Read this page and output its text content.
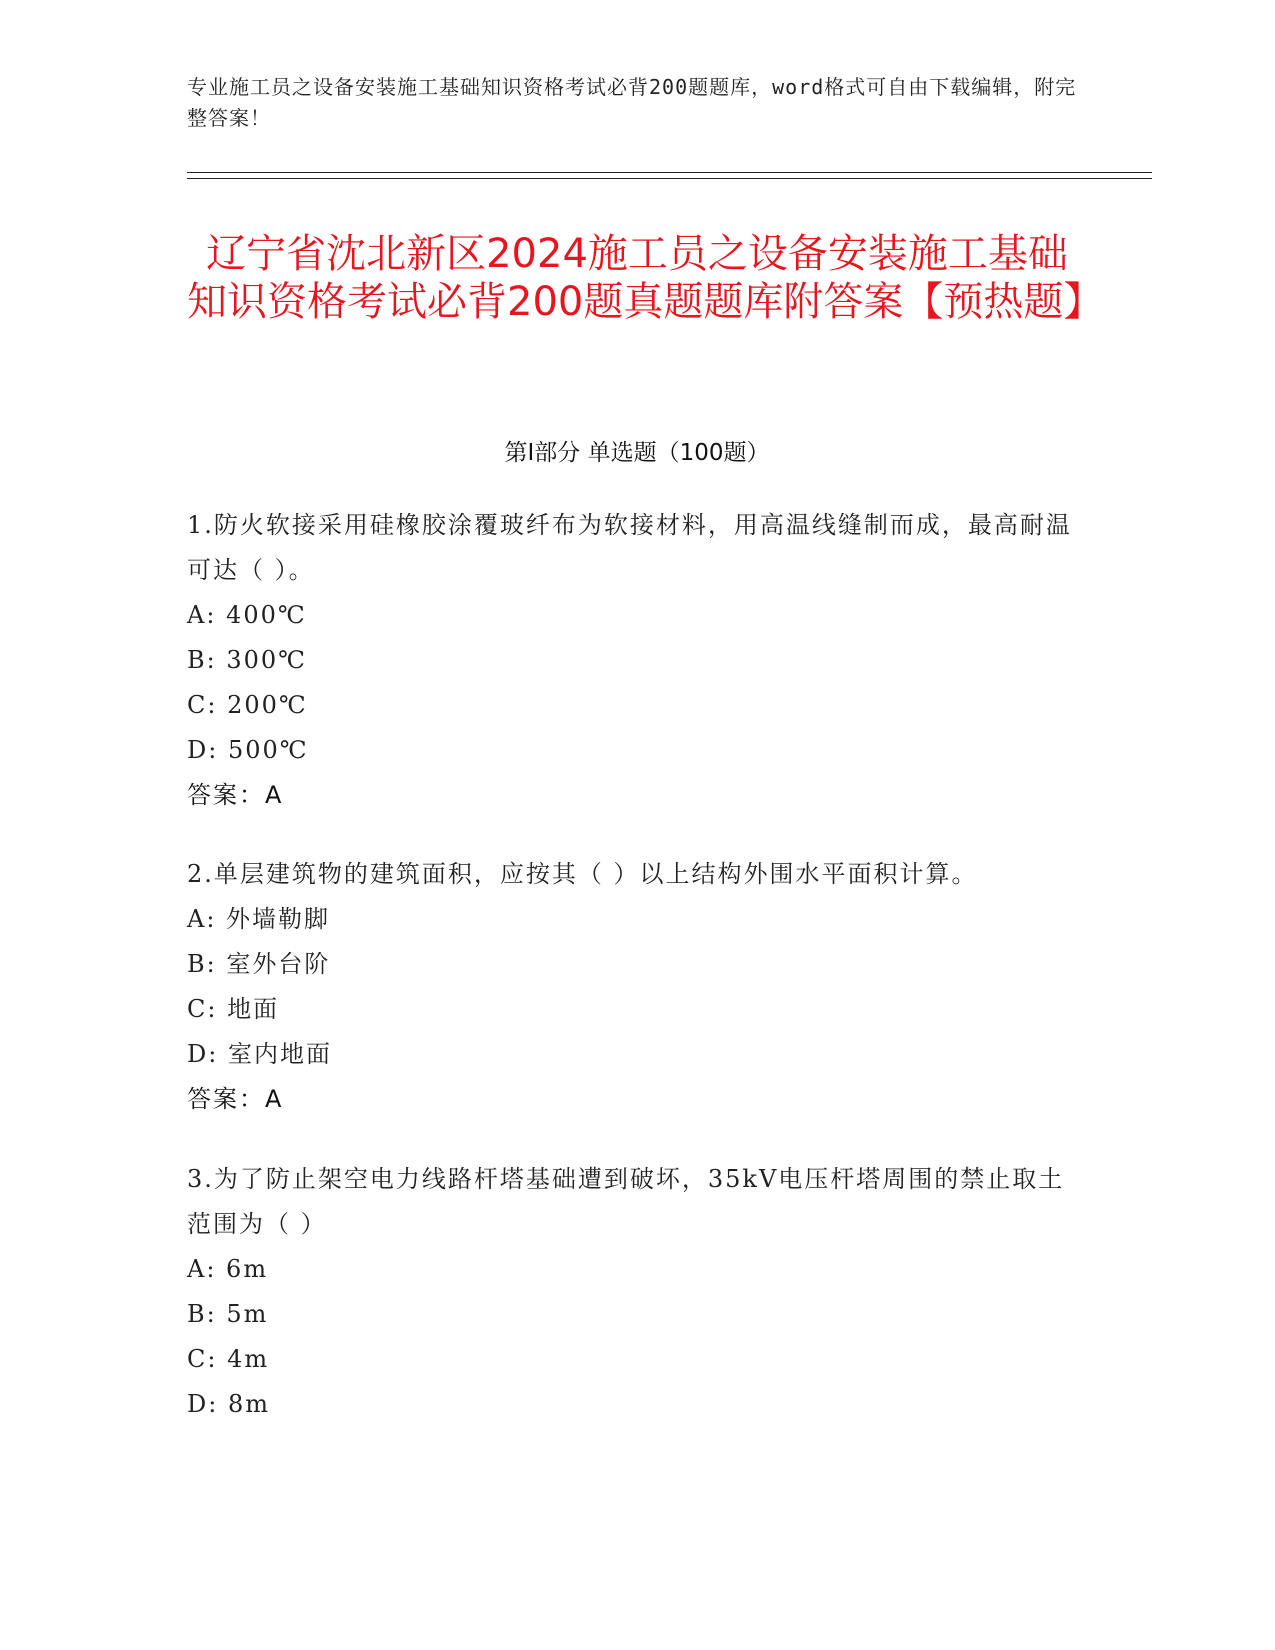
专业施工员之设备安装施工基础知识资格考试必背200题题库，word格式可自由下载编辑，附完整答案！
辽宁省沈北新区2024施工员之设备安装施工基础知识资格考试必背200题真题题库附答案【预热题】
第Ⅰ部分 单选题（100题）
1.防火软接采用硅橡胶涂覆玻纤布为软接材料，用高温线缝制而成，最高耐温可达（ ）。
A: 400℃
B: 300℃
C: 200℃
D: 500℃
答案：A
2.单层建筑物的建筑面积，应按其（ ）以上结构外围水平面积计算。
A: 外墙勒脚
B: 室外台阶
C: 地面
D: 室内地面
答案：A
3.为了防止架空电力线路杆塔基础遭到破坏，35kV电压杆塔周围的禁止取土范围为（ ）
A: 6m
B: 5m
C: 4m
D: 8m
